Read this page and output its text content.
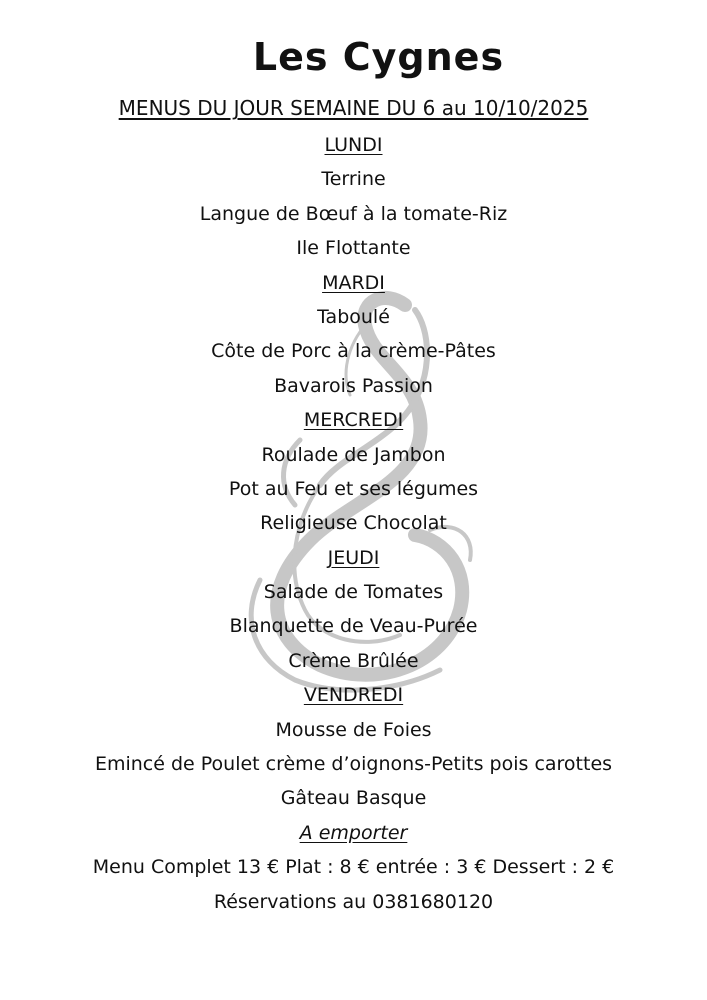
Les Cygnes
MENUS DU JOUR SEMAINE DU 6 au 10/10/2025
LUNDI
Terrine
Langue de Bœuf à la tomate-Riz
Ile Flottante
MARDI
Taboulé
Côte de Porc à la crème-Pâtes
Bavarois Passion
MERCREDI
Roulade de Jambon
Pot au Feu et ses légumes
Religieuse Chocolat
JEUDI
Salade de Tomates
Blanquette de Veau-Purée
Crème Brûlée
VENDREDI
Mousse de Foies
Emincé de Poulet crème d’oignons-Petits pois carottes
Gâteau Basque
A emporter
Menu Complet 13 € Plat : 8 € entrée : 3 € Dessert : 2 €
Réservations au 0381680120
